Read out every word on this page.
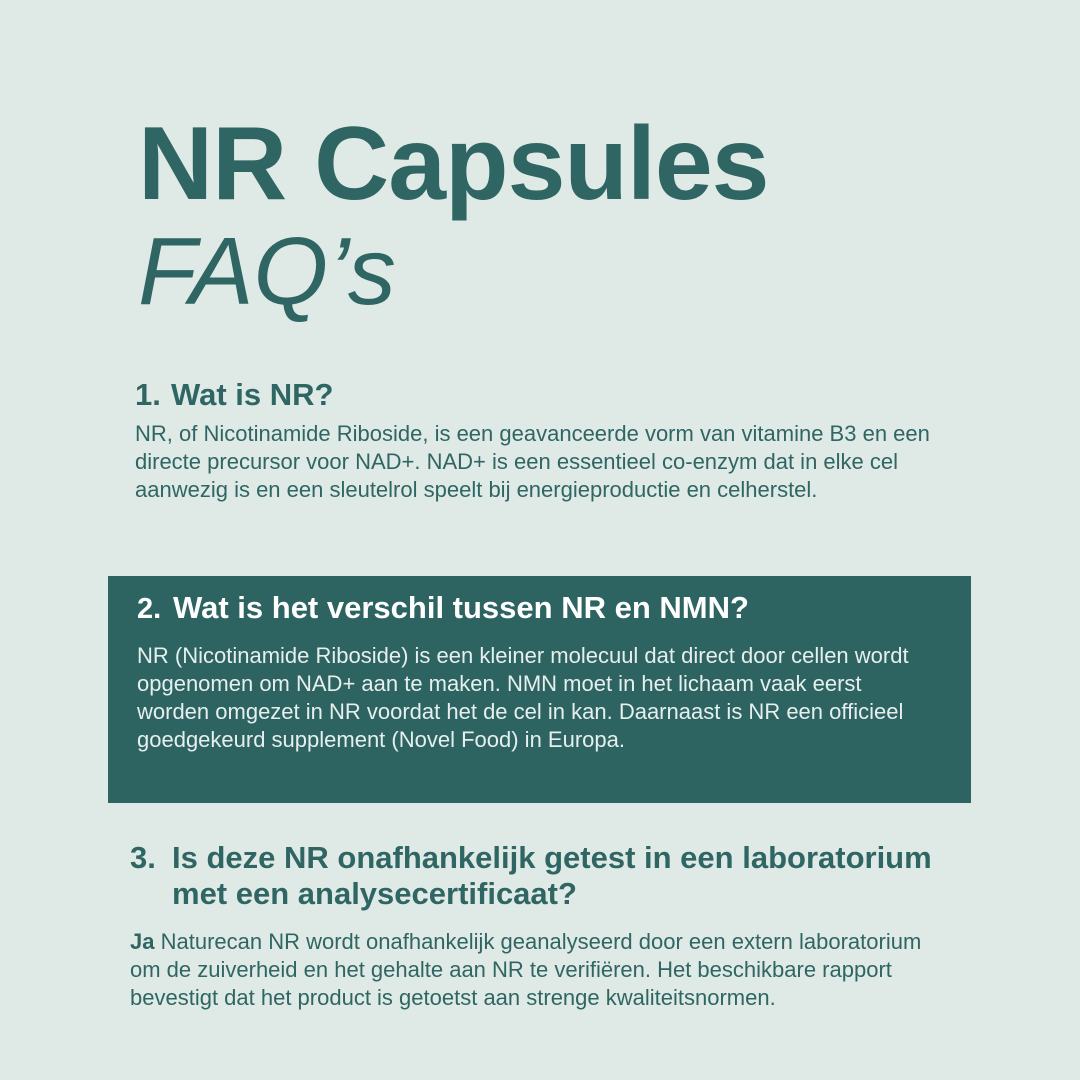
NR Capsules
FAQ’s
1. Wat is NR?
NR, of Nicotinamide Riboside, is een geavanceerde vorm van vitamine B3 en een directe precursor voor NAD+. NAD+ is een essentieel co-enzym dat in elke cel aanwezig is en een sleutelrol speelt bij energieproductie en celherstel.
2. Wat is het verschil tussen NR en NMN?
NR (Nicotinamide Riboside) is een kleiner molecuul dat direct door cellen wordt opgenomen om NAD+ aan te maken. NMN moet in het lichaam vaak eerst worden omgezet in NR voordat het de cel in kan. Daarnaast is NR een officieel goedgekeurd supplement (Novel Food) in Europa.
3. Is deze NR onafhankelijk getest in een laboratorium met een analysecertificaat?
Ja Naturecan NR wordt onafhankelijk geanalyseerd door een extern laboratorium om de zuiverheid en het gehalte aan NR te verifiëren. Het beschikbare rapport bevestigt dat het product is getoetst aan strenge kwaliteitsnormen.
